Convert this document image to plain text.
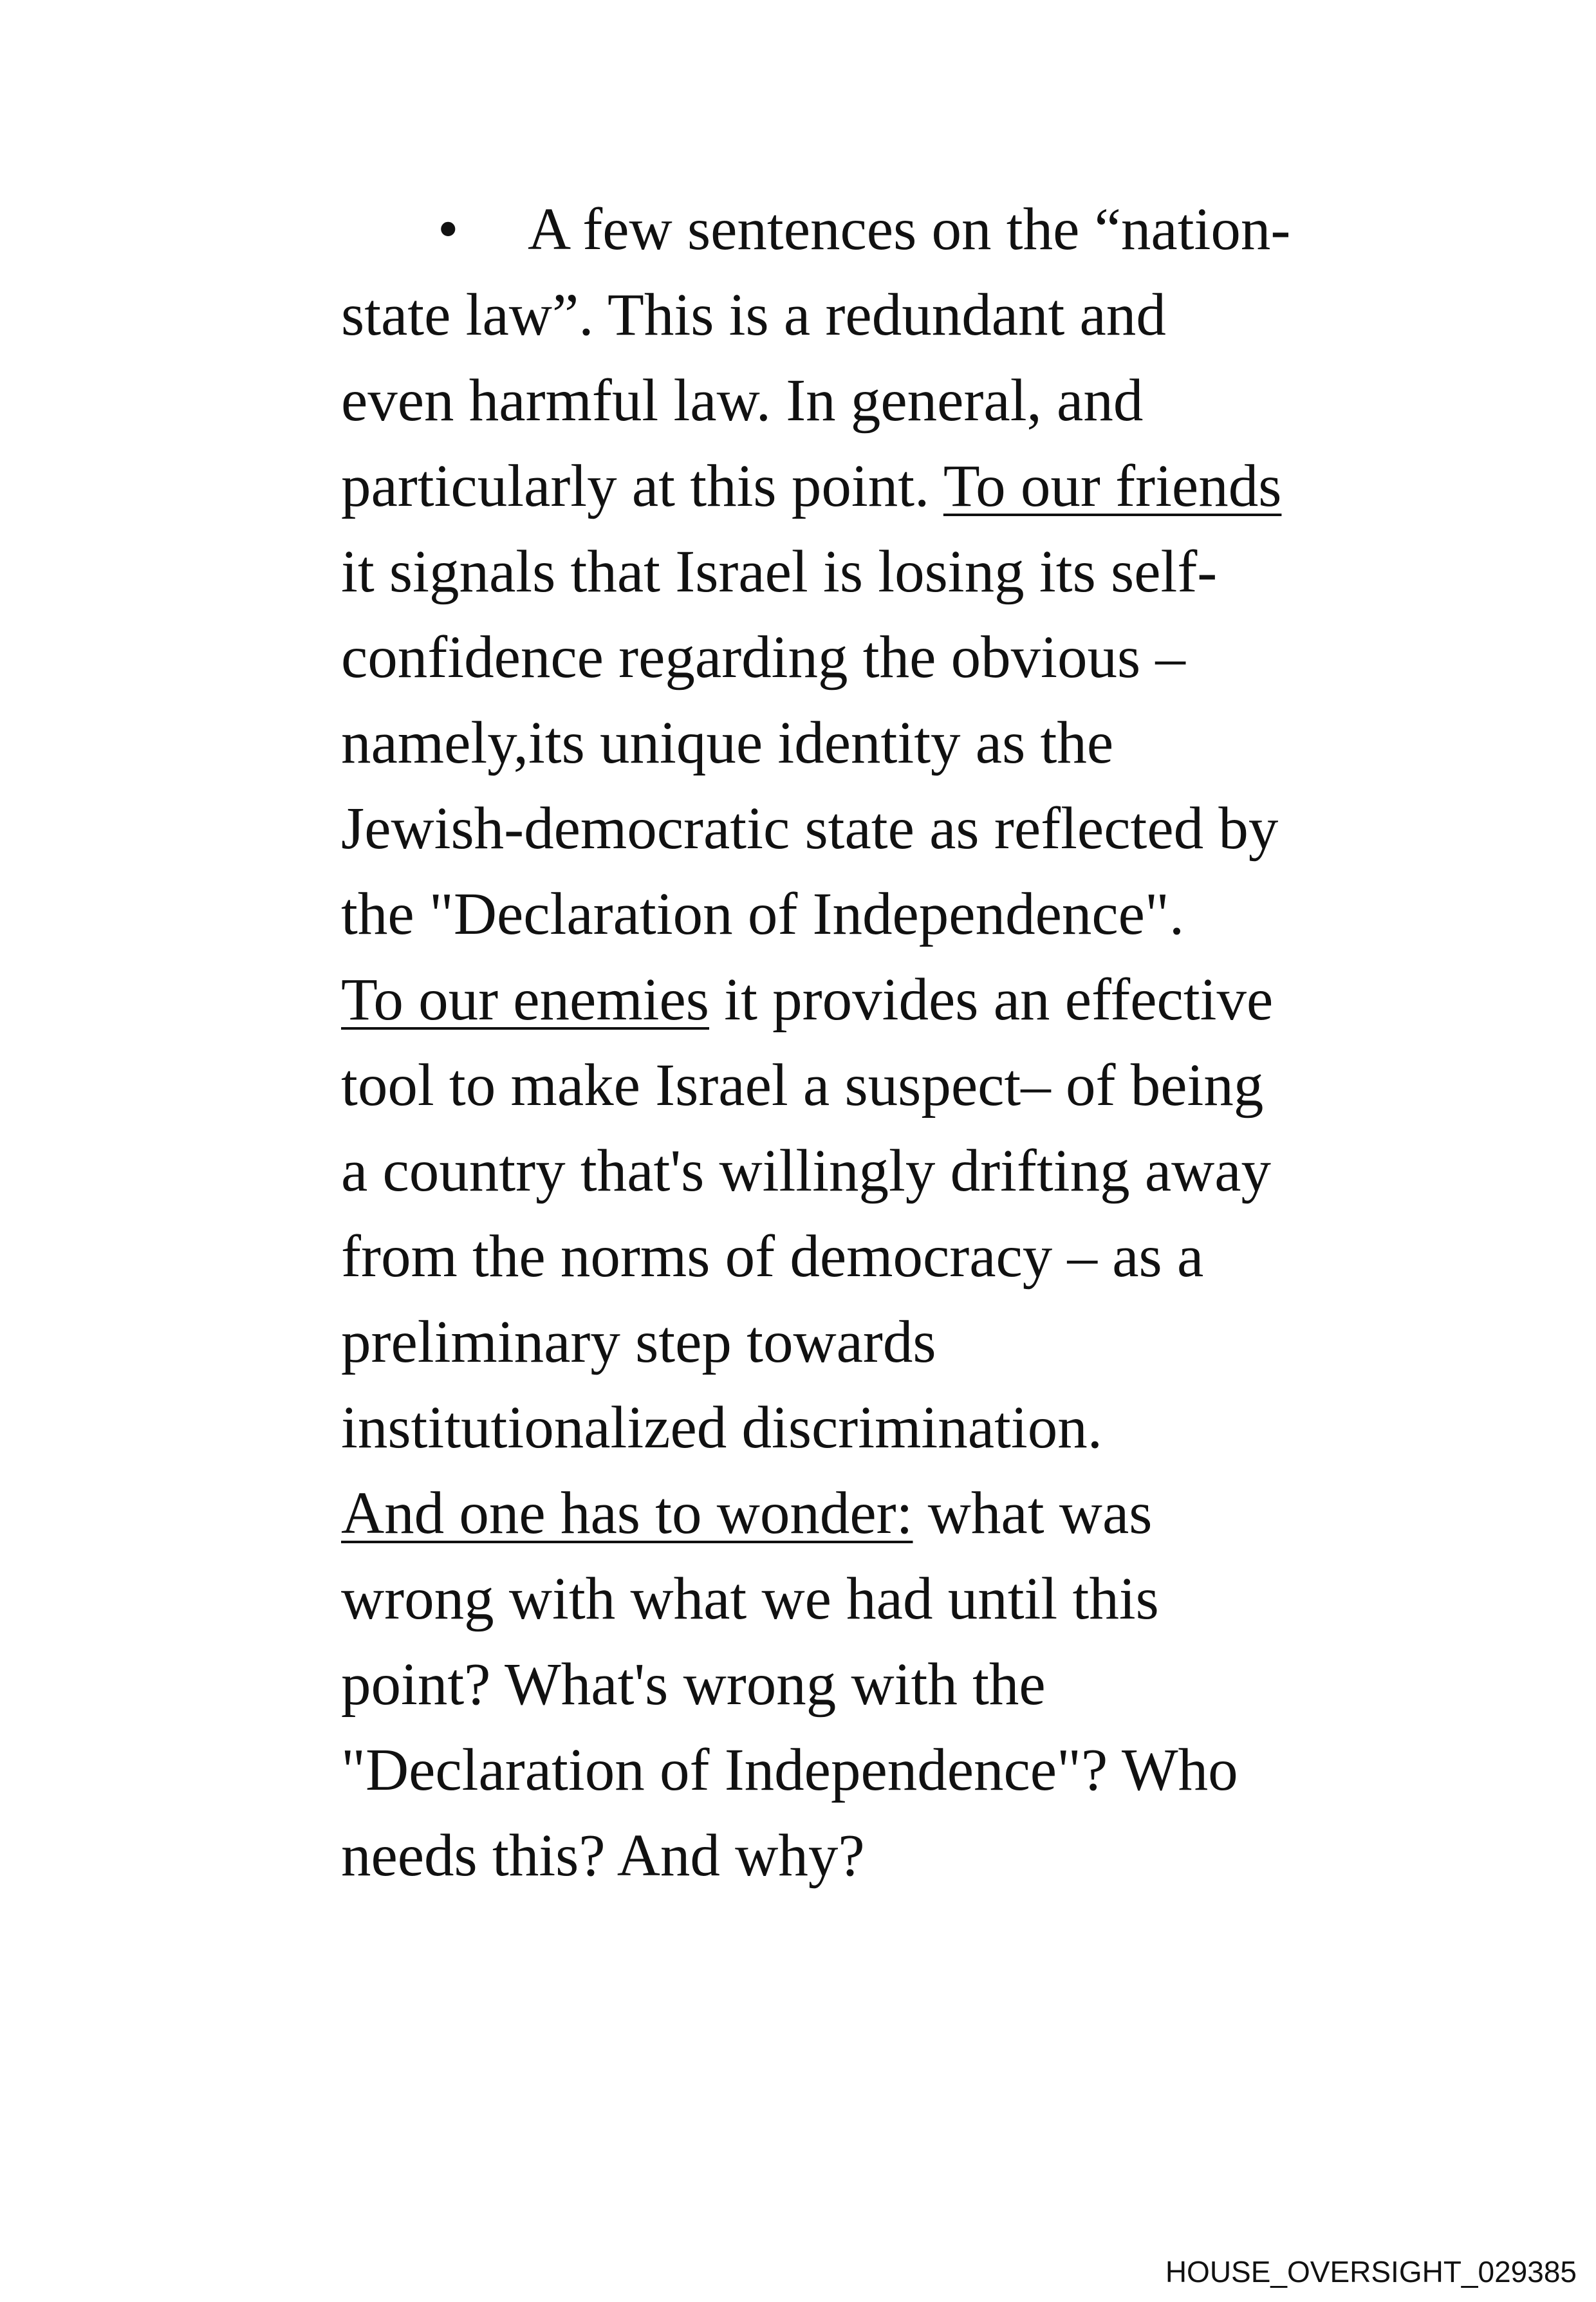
• A few sentences on the “nation-
state law”. This is a redundant and
even harmful law. In general, and
particularly at this point. To our friends
it signals that Israel is losing its self-
confidence regarding the obvious –
namely,its unique identity as the
Jewish-democratic state as reflected by
the "Declaration of Independence".
To our enemies it provides an effective
tool to make Israel a suspect– of being
a country that's willingly drifting away
from the norms of democracy – as a
preliminary step towards
institutionalized discrimination.
And one has to wonder: what was
wrong with what we had until this
point? What's wrong with the
"Declaration of Independence"? Who
needs this? And why?
HOUSE_OVERSIGHT_029385
